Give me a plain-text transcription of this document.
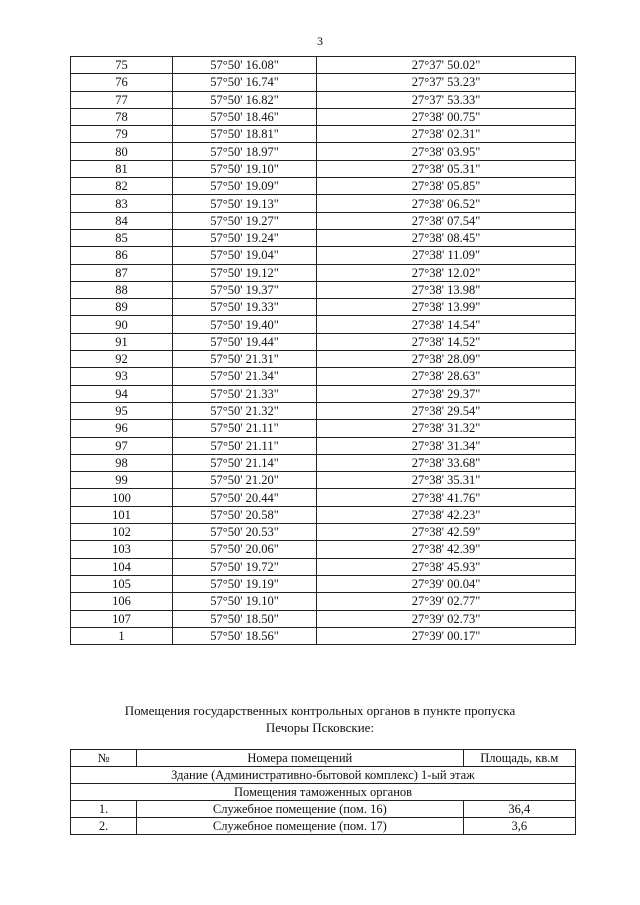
3
75	57°50' 16.08"	27°37' 50.02"
76	57°50' 16.74"	27°37' 53.23"
77	57°50' 16.82"	27°37' 53.33"
78	57°50' 18.46"	27°38' 00.75"
79	57°50' 18.81"	27°38' 02.31"
80	57°50' 18.97"	27°38' 03.95"
81	57°50' 19.10"	27°38' 05.31"
82	57°50' 19.09"	27°38' 05.85"
83	57°50' 19.13"	27°38' 06.52"
84	57°50' 19.27"	27°38' 07.54"
85	57°50' 19.24"	27°38' 08.45"
86	57°50' 19.04"	27°38' 11.09"
87	57°50' 19.12"	27°38' 12.02"
88	57°50' 19.37"	27°38' 13.98"
89	57°50' 19.33"	27°38' 13.99"
90	57°50' 19.40"	27°38' 14.54"
91	57°50' 19.44"	27°38' 14.52"
92	57°50' 21.31"	27°38' 28.09"
93	57°50' 21.34"	27°38' 28.63"
94	57°50' 21.33"	27°38' 29.37"
95	57°50' 21.32"	27°38' 29.54"
96	57°50' 21.11"	27°38' 31.32"
97	57°50' 21.11"	27°38' 31.34"
98	57°50' 21.14"	27°38' 33.68"
99	57°50' 21.20"	27°38' 35.31"
100	57°50' 20.44"	27°38' 41.76"
101	57°50' 20.58"	27°38' 42.23"
102	57°50' 20.53"	27°38' 42.59"
103	57°50' 20.06"	27°38' 42.39"
104	57°50' 19.72"	27°38' 45.93"
105	57°50' 19.19"	27°39' 00.04"
106	57°50' 19.10"	27°39' 02.77"
107	57°50' 18.50"	27°39' 02.73"
1	57°50' 18.56"	27°39' 00.17"
Помещения государственных контрольных органов в пункте пропуска
Печоры Псковские:
№	Номера помещений	Площадь, кв.м
Здание (Административно-бытовой комплекс) 1-ый этаж		
Помещения таможенных органов		
1.	Служебное помещение (пом. 16)	36,4
2.	Служебное помещение (пом. 17)	3,6
